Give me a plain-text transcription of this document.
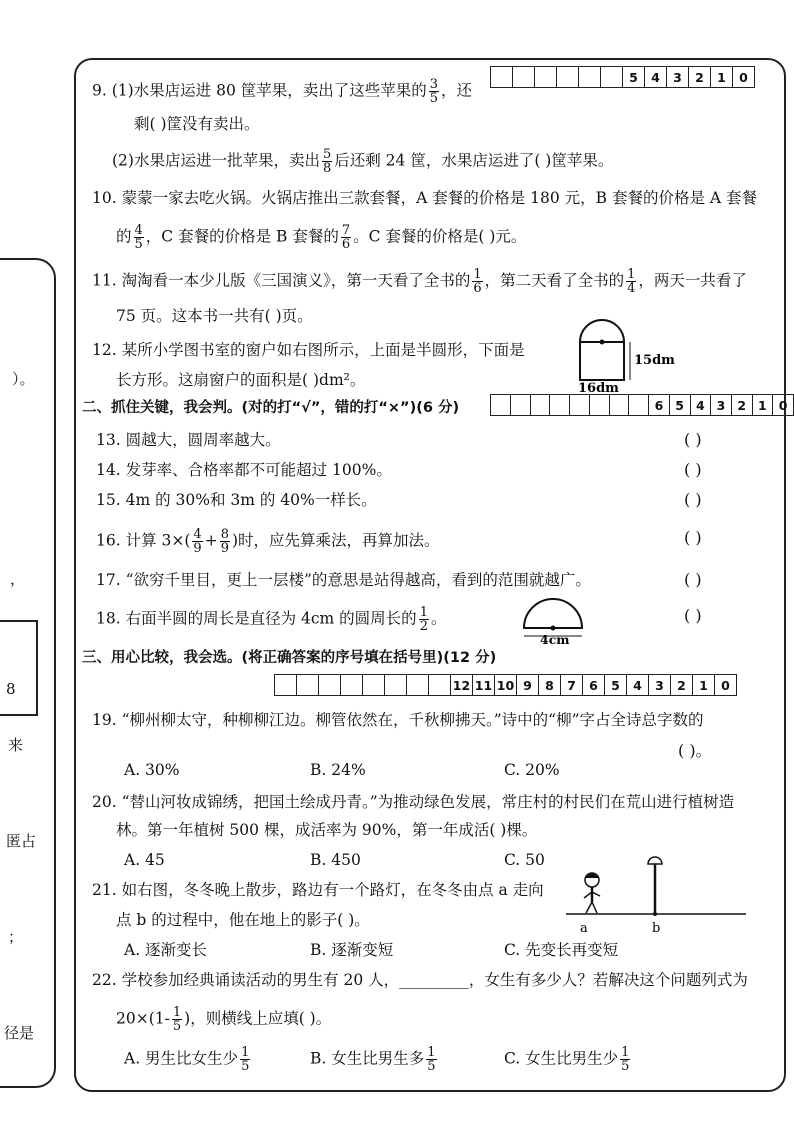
）。
，
8
来
匿占
；
径是
						5	4	3	2	1	0
9. (1)水果店运进 80 筐苹果，卖出了这些苹果的 $\frac{3}{5}$ ，还
剩( )筐没有卖出。
(2)水果店运进一批苹果，卖出 $\frac{5}{8}$ 后还剩 24 筐，水果店运进了( )筐苹果。
10. 蒙蒙一家去吃火锅。火锅店推出三款套餐，A 套餐的价格是 180 元，B 套餐的价格是 A 套餐
的 $\frac{4}{5}$ ，C 套餐的价格是 B 套餐的 $\frac{7}{6}$ 。C 套餐的价格是( )元。
11. 淘淘看一本少儿版《三国演义》，第一天看了全书的 $\frac{1}{6}$ ，第二天看了全书的 $\frac{1}{4}$ ，两天一共看了
75 页。这本书一共有( )页。
12. 某所小学图书室的窗户如右图所示，上面是半圆形，下面是
长方形。这扇窗户的面积是( )dm²。
15dm
16dm
二、抓住关键，我会判。(对的打“√”，错的打“×”)(6 分)
									6	5	4	3	2	1	0
13. 圆越大，圆周率越大。	( )
14. 发芽率、合格率都不可能超过 100%。	( )
15. 4m 的 30%和 3m 的 40%一样长。	( )
16. 计算 $3\times( \frac{4}{9} + \frac{8}{9}$ )时，应先算乘法，再算加法。	( )
17. “欲穷千里目，更上一层楼”的意思是站得越高，看到的范围就越广。	( )
18. 右面半圆的周长是直径为 4cm 的圆周长的 $\frac{1}{2}$ 。	( )
4cm
三、用心比较，我会选。(将正确答案的序号填在括号里)(12 分)
								12	11	10	9	8	7	6	5	4	3	2	1	0
19. “柳州柳太守，种柳柳江边。柳管依然在，千秋柳拂天。”诗中的“柳”字占全诗总字数的
( )。
A. 30%	B. 24%	C. 20%
20. “替山河妆成锦绣，把国土绘成丹青。”为推动绿色发展，常庄村的村民们在荒山进行植树造
林。第一年植树 500 棵，成活率为 90%，第一年成活( )棵。
A. 45	B. 450	C. 50
21. 如右图，冬冬晚上散步，路边有一个路灯，在冬冬由点 a 走向
点 b 的过程中，他在地上的影子( )。
A. 逐渐变长	B. 逐渐变短	C. 先变长再变短
a	b
22. 学校参加经典诵读活动的男生有 20 人，_________，女生有多少人？若解决这个问题列式为
$20\times(1- \frac{1}{5}$ )，则横线上应填( )。
A. 男生比女生少 $\frac{1}{5}$	B. 女生比男生多 $\frac{1}{5}$	C. 女生比男生少 $\frac{1}{5}$
